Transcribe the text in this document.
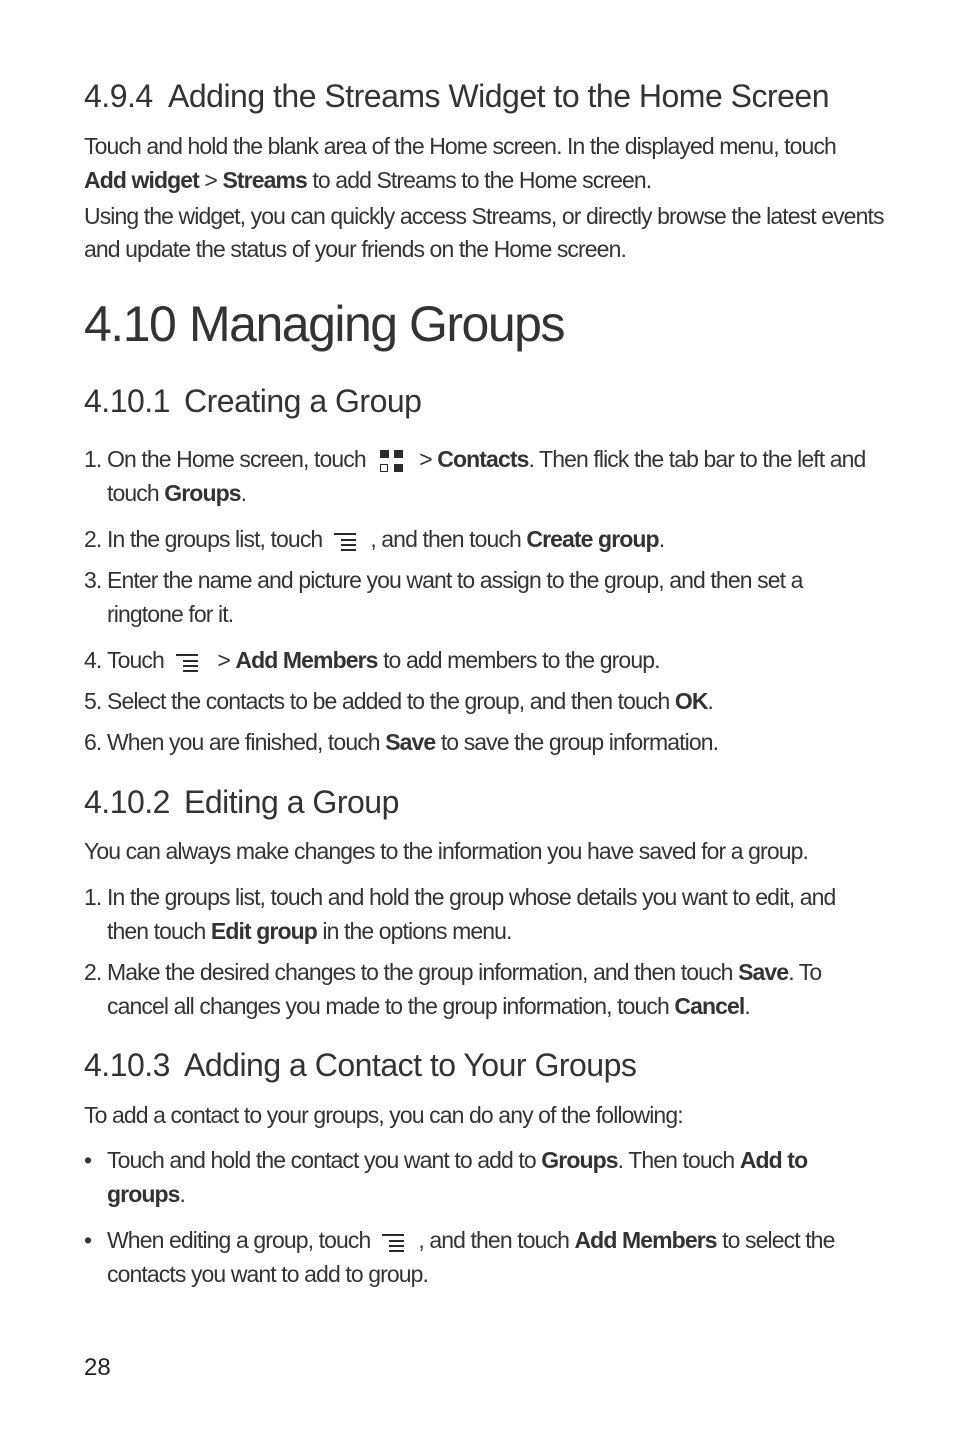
4.9.4 Adding the Streams Widget to the Home Screen
Touch and hold the blank area of the Home screen. In the displayed menu, touch
Add widget > Streams to add Streams to the Home screen.
Using the widget, you can quickly access Streams, or directly browse the latest events and update the status of your friends on the Home screen.
4.10 Managing Groups
4.10.1 Creating a Group
1. On the Home screen, touch
> Contacts. Then flick the tab bar to the left and touch Groups.
2. In the groups list, touch , and then touch Create group.
3. Enter the name and picture you want to assign to the group, and then set a ringtone for it.
4. Touch
> Add Members to add members to the group.
5. Select the contacts to be added to the group, and then touch OK.
6. When you are finished, touch Save to save the group information.
4.10.2 Editing a Group
You can always make changes to the information you have saved for a group.
1. In the groups list, touch and hold the group whose details you want to edit, and then touch Edit group in the options menu.
2. Make the desired changes to the group information, and then touch Save. To cancel all changes you made to the group information, touch Cancel.
4.10.3 Adding a Contact to Your Groups
To add a contact to your groups, you can do any of the following:
• Touch and hold the contact you want to add to Groups. Then touch Add to groups.
• When editing a group, touch , and then touch Add Members to select the contacts you want to add to group.
28
